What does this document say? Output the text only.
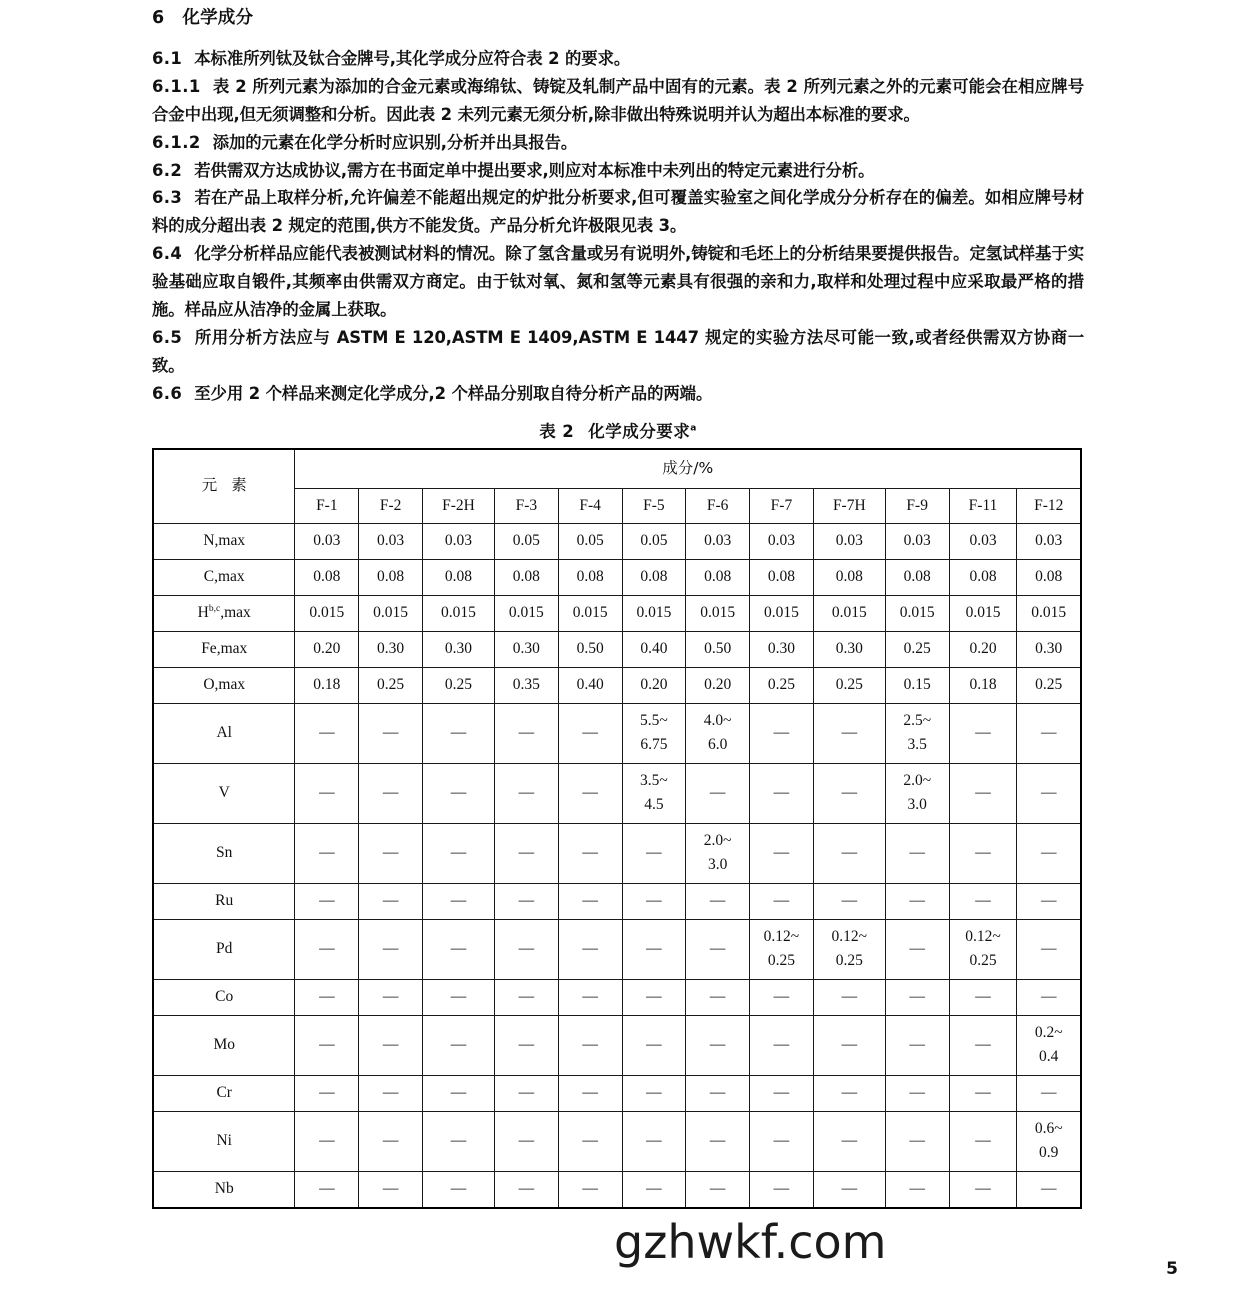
6 化学成分

6.1 本标准所列钛及钛合金牌号,其化学成分应符合表 2 的要求。

6.1.1 表 2 所列元素为添加的合金元素或海绵钛、铸锭及轧制产品中固有的元素。表 2 所列元素之外的元素可能会在相应牌号合金中出现,但无须调整和分析。因此表 2 未列元素无须分析,除非做出特殊说明并认为超出本标准的要求。

6.1.2 添加的元素在化学分析时应识别,分析并出具报告。

6.2 若供需双方达成协议,需方在书面定单中提出要求,则应对本标准中未列出的特定元素进行分析。

6.3 若在产品上取样分析,允许偏差不能超出规定的炉批分析要求,但可覆盖实验室之间化学成分分析存在的偏差。如相应牌号材料的成分超出表 2 规定的范围,供方不能发货。产品分析允许极限见表 3。

6.4 化学分析样品应能代表被测试材料的情况。除了氢含量或另有说明外,铸锭和毛坯上的分析结果要提供报告。定氢试样基于实验基础应取自锻件,其频率由供需双方商定。由于钛对氧、氮和氢等元素具有很强的亲和力,取样和处理过程中应采取最严格的措施。样品应从洁净的金属上获取。

6.5 所用分析方法应与 ASTM E 120,ASTM E 1409,ASTM E 1447 规定的实验方法尽可能一致,或者经供需双方协商一致。

6.6 至少用 2 个样品来测定化学成分,2 个样品分别取自待分析产品的两端。

表 2 化学成分要求$^a$
元素	成分/%											
	F-1	F-2	F-2H	F-3	F-4	F-5	F-6	F-7	F-7H	F-9	F-11	F-12
N,max	0.03	0.03	0.03	0.05	0.05	0.05	0.03	0.03	0.03	0.03	0.03	0.03
C,max	0.08	0.08	0.08	0.08	0.08	0.08	0.08	0.08	0.08	0.08	0.08	0.08
H$^{b,c}$,max	0.015	0.015	0.015	0.015	0.015	0.015	0.015	0.015	0.015	0.015	0.015	0.015
Fe,max	0.20	0.30	0.30	0.30	0.50	0.40	0.50	0.30	0.30	0.25	0.20	0.30
O,max	0.18	0.25	0.25	0.35	0.40	0.20	0.20	0.25	0.25	0.15	0.18	0.25
Al	—	—	—	—	—	5.5~
6.75	4.0~
6.0	—	—	2.5~
3.5	—	—
V	—	—	—	—	—	3.5~
4.5	—	—	—	2.0~
3.0	—	—
Sn	—	—	—	—	—	—	2.0~
3.0	—	—	—	—	—
Ru	—	—	—	—	—	—	—	—	—	—	—	—
Pd	—	—	—	—	—	—	—	0.12~
0.25	0.12~
0.25	—	0.12~
0.25	—
Co	—	—	—	—	—	—	—	—	—	—	—	—
Mo	—	—	—	—	—	—	—	—	—	—	—	0.2~
0.4

Cr	—	—	—	—	—	—	—	—	—	—	—	—
Ni	—	—	—	—	—	—	—	—	—	—	—	0.6~
0.9

Nb	—	—	—	—	—	—	—	—	—	—	—	—
gzhwkf.com	5
